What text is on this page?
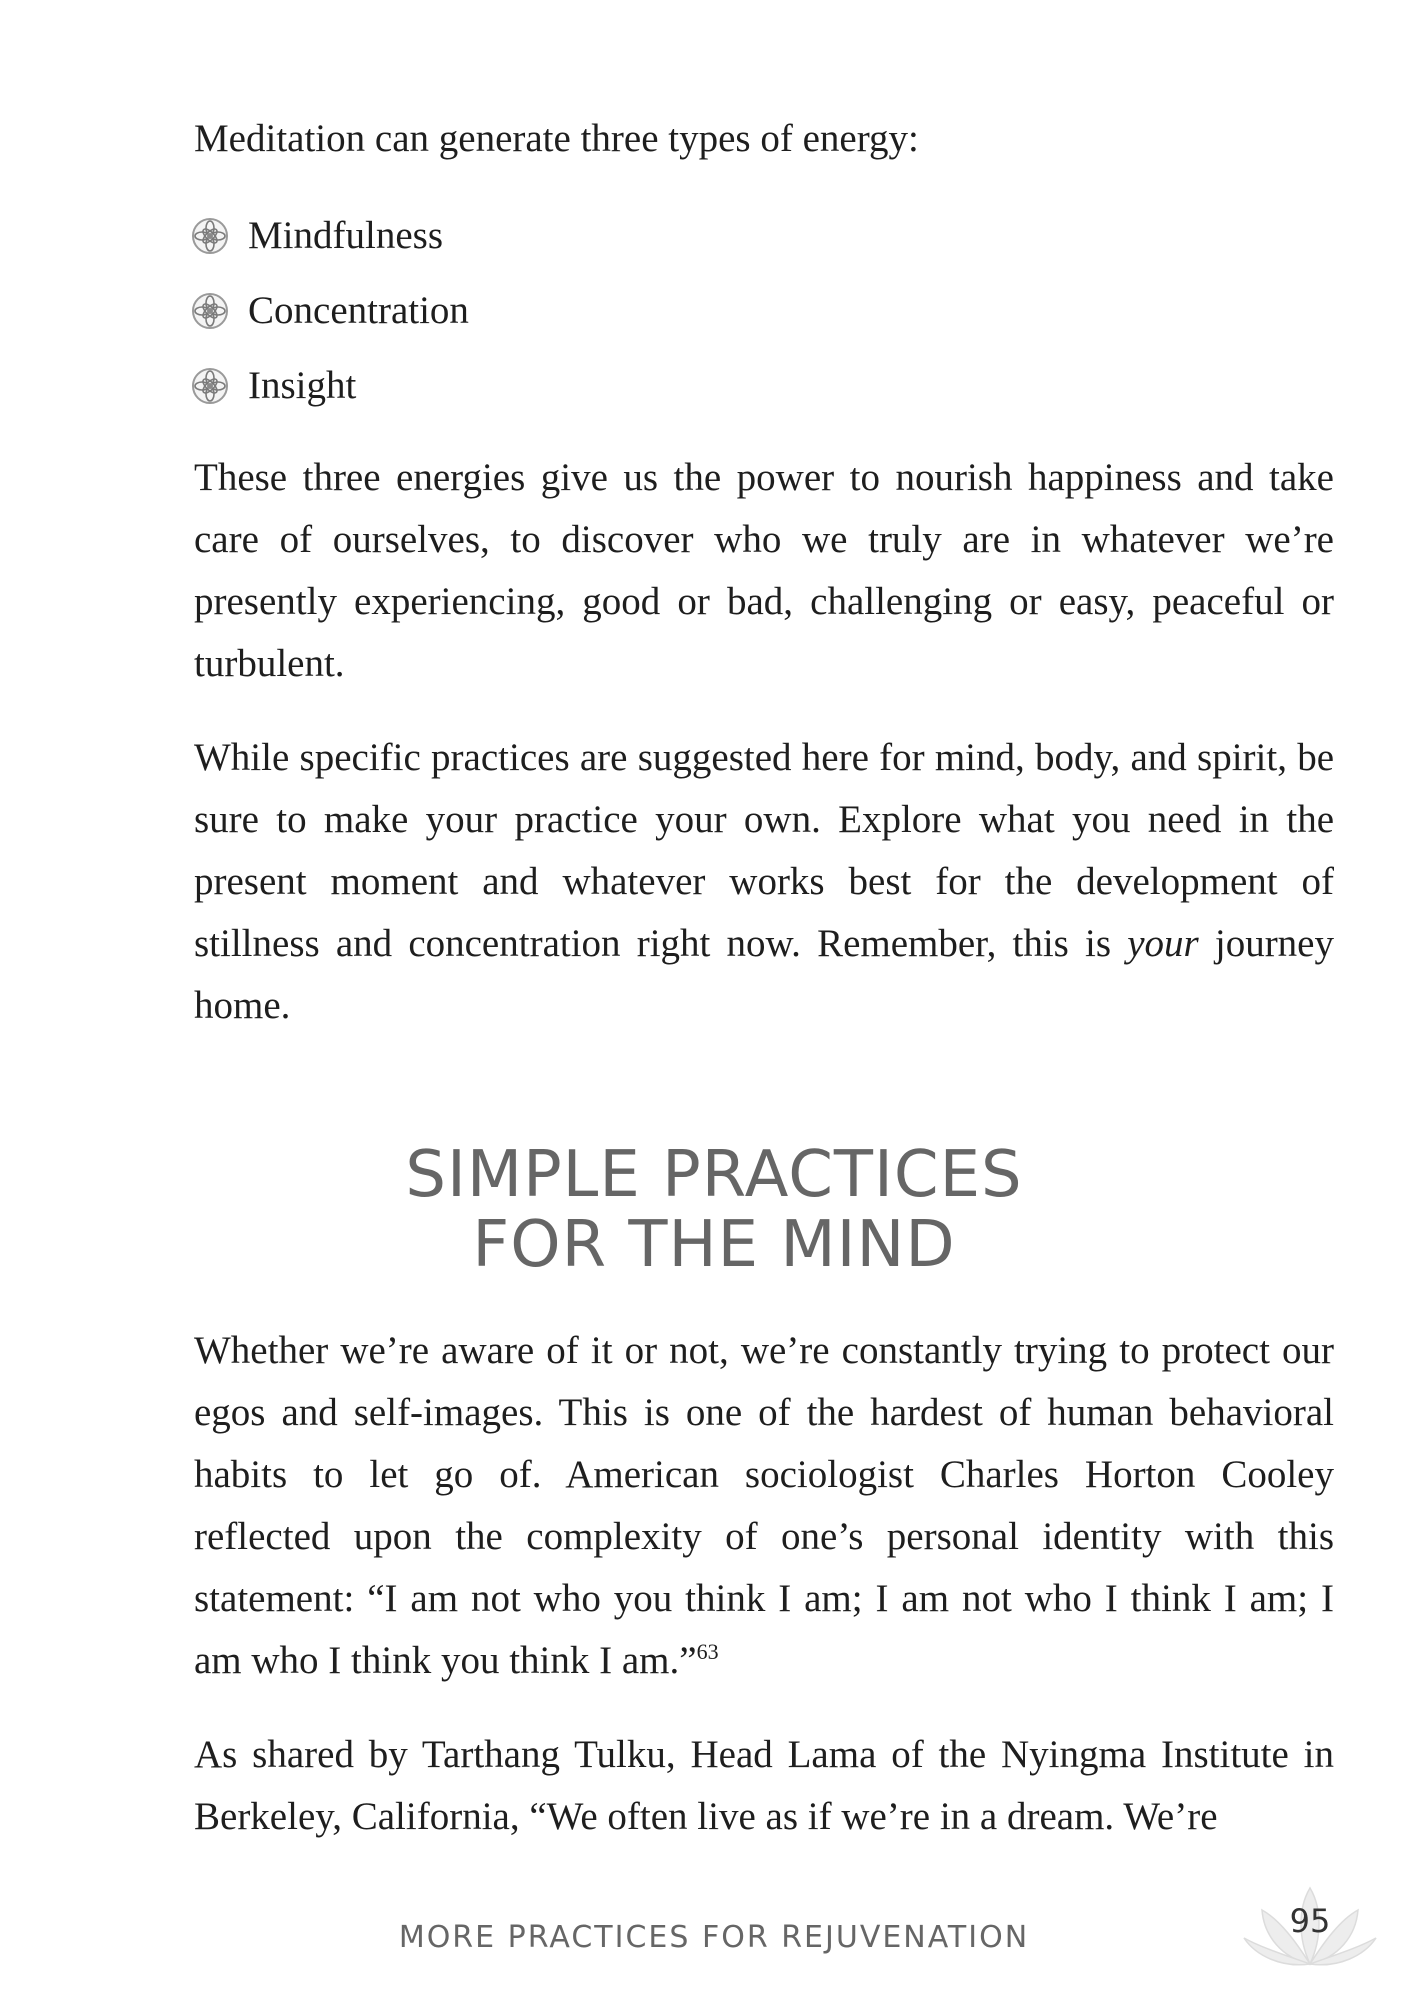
Meditation can generate three types of energy:
Mindfulness
Concentration
Insight
These three energies give us the power to nourish happiness and take care of ourselves, to discover who we truly are in whatever we’re presently experiencing, good or bad, challenging or easy, peaceful or turbulent.
While specific practices are suggested here for mind, body, and spirit, be sure to make your practice your own. Explore what you need in the present moment and whatever works best for the development of stillness and concentration right now. Remember, this is your journey home.
SIMPLE PRACTICES
FOR THE MIND
Whether we’re aware of it or not, we’re constantly trying to protect our egos and self-images. This is one of the hardest of human behavioral habits to let go of. American sociologist Charles Horton Cooley reflected upon the complexity of one’s personal identity with this statement: “I am not who you think I am; I am not who I think I am; I am who I think you think I am.”$^{63}$
As shared by Tarthang Tulku, Head Lama of the Nyingma Institute in Berkeley, California, “We often live as if we’re in a dream. We’re
MORE PRACTICES FOR REJUVENATION	95
